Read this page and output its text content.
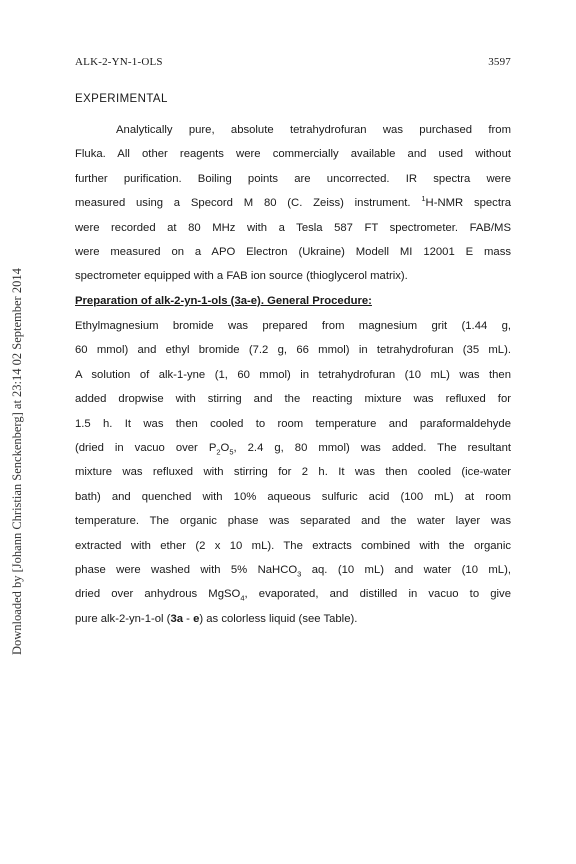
ALK-2-YN-1-OLS	3597
Downloaded by [Johann Christian Senckenberg] at 23:14 02 September 2014
EXPERIMENTAL
Analytically pure, absolute tetrahydrofuran was purchased from
Fluka. All other reagents were commercially available and used without
further purification. Boiling points are uncorrected. IR spectra were
measured using a Specord M 80 (C. Zeiss) instrument. $^1$H-NMR spectra
were recorded at 80 MHz with a Tesla 587 FT spectrometer. FAB/MS
were measured on a APO Electron (Ukraine) Modell MI 12001 E mass
spectrometer equipped with a FAB ion source (thioglycerol matrix).
Preparation of alk-2-yn-1-ols (3a-e). General Procedure:
Ethylmagnesium bromide was prepared from magnesium grit (1.44 g,
60 mmol) and ethyl bromide (7.2 g, 66 mmol) in tetrahydrofuran (35 mL).
A solution of alk-1-yne (1, 60 mmol) in tetrahydrofuran (10 mL) was then
added dropwise with stirring and the reacting mixture was refluxed for
1.5 h. It was then cooled to room temperature and paraformaldehyde
(dried in vacuo over $P_2O_5$, 2.4 g, 80 mmol) was added. The resultant
mixture was refluxed with stirring for 2 h. It was then cooled (ice-water
bath) and quenched with 10% aqueous sulfuric acid (100 mL) at room
temperature. The organic phase was separated and the water layer was
extracted with ether (2 x 10 mL). The extracts combined with the organic
phase were washed with 5% NaHCO$_3$ aq. (10 mL) and water (10 mL),
dried over anhydrous MgSO$_4$, evaporated, and distilled in vacuo to give
pure alk-2-yn-1-ol (3a - e) as colorless liquid (see Table).
